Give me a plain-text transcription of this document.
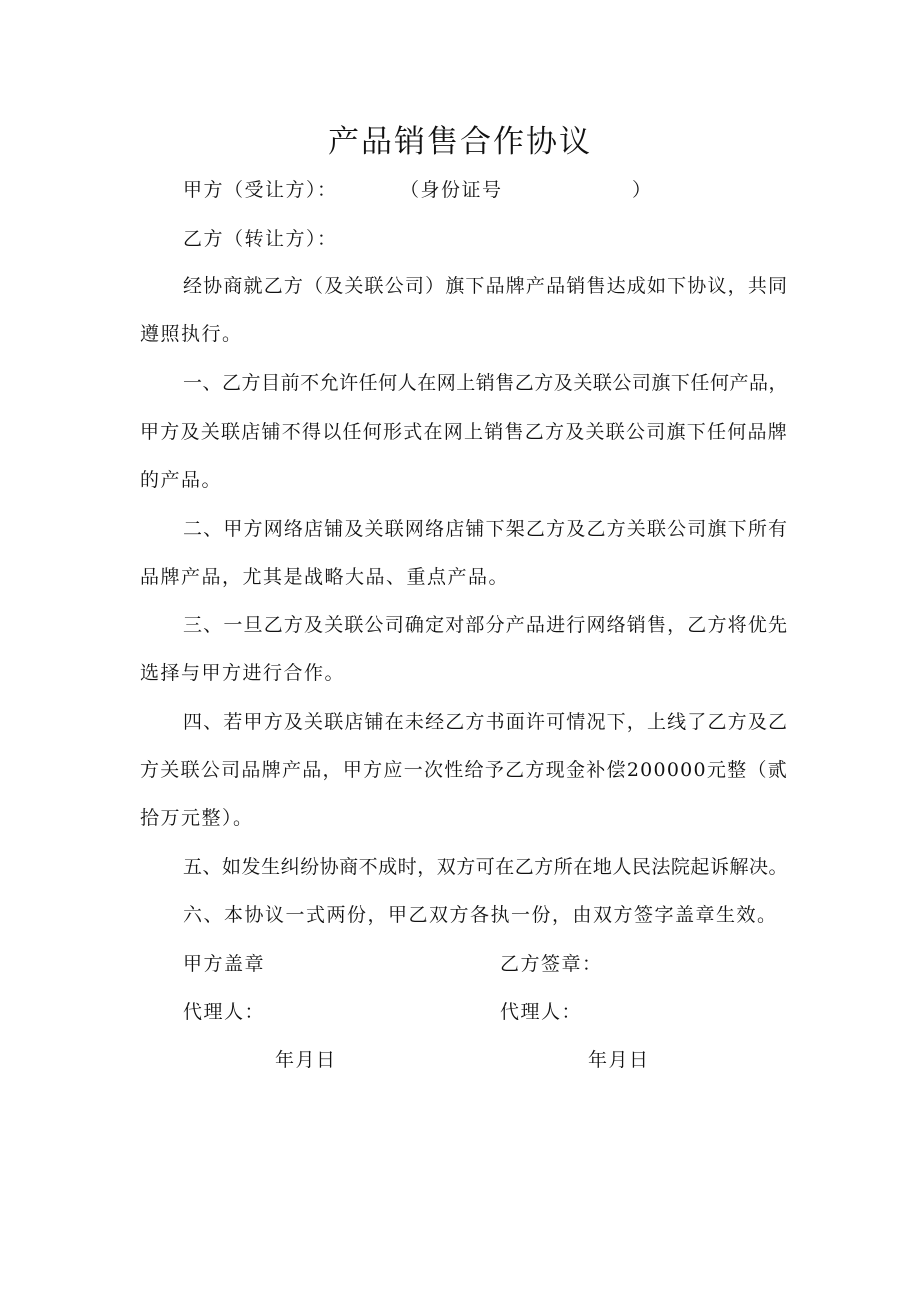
产品销售合作协议

甲方（受让方）：	（身份证号	）

乙方（转让方）：

经协商就乙方（及关联公司）旗下品牌产品销售达成如下协议，共同

遵照执行。

一、乙方目前不允许任何人在网上销售乙方及关联公司旗下任何产品，

甲方及关联店铺不得以任何形式在网上销售乙方及关联公司旗下任何品牌

的产品。

二、甲方网络店铺及关联网络店铺下架乙方及乙方关联公司旗下所有

品牌产品，尤其是战略大品、重点产品。

三、一旦乙方及关联公司确定对部分产品进行网络销售，乙方将优先

选择与甲方进行合作。

四、若甲方及关联店铺在未经乙方书面许可情况下，上线了乙方及乙

方关联公司品牌产品，甲方应一次性给予乙方现金补偿200000元整（贰

拾万元整）。

五、如发生纠纷协商不成时，双方可在乙方所在地人民法院起诉解决。

六、本协议一式两份，甲乙双方各执一份，由双方签字盖章生效。

甲方盖章	乙方签章：

代理人：	代理人：

年月日	年月日
